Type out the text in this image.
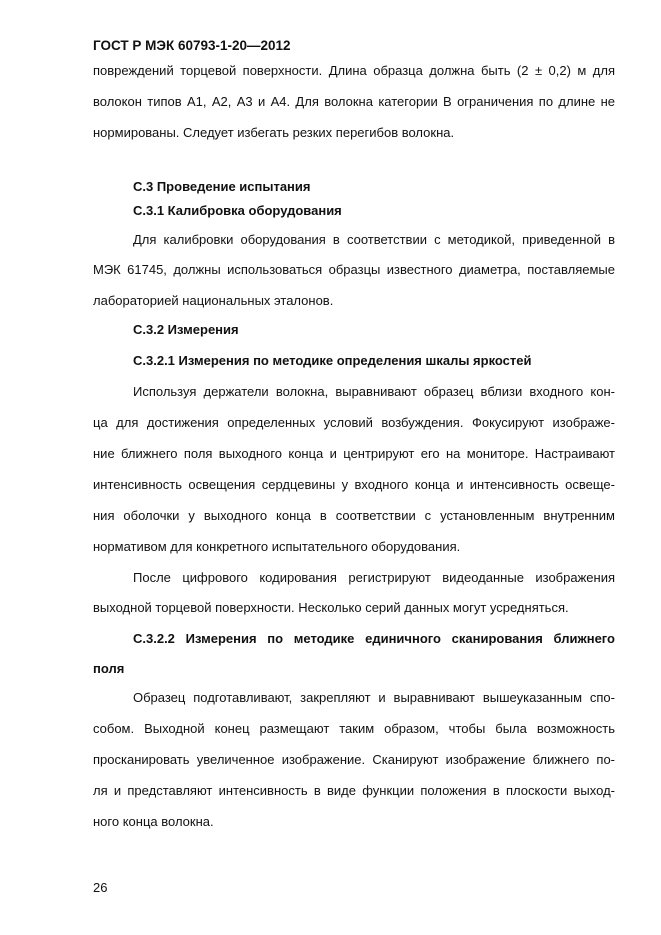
ГОСТ Р МЭК 60793-1-20—2012
повреждений торцевой поверхности. Длина образца должна быть (2 ± 0,2) м для
волокон типов А1, А2, А3 и А4. Для волокна категории В ограничения по длине не
нормированы. Следует избегать резких перегибов волокна.
С.3 Проведение испытания
С.3.1 Калибровка оборудования
Для калибровки оборудования в соответствии с методикой, приведенной в
МЭК 61745, должны использоваться образцы известного диаметра, поставляемые
лабораторией национальных эталонов.
С.3.2 Измерения
С.3.2.1 Измерения по методике определения шкалы яркостей
Используя держатели волокна, выравнивают образец вблизи входного кон-
ца для достижения определенных условий возбуждения. Фокусируют изображе-
ние ближнего поля выходного конца и центрируют его на мониторе. Настраивают
интенсивность освещения сердцевины у входного конца и интенсивность освеще-
ния оболочки у выходного конца в соответствии с установленным внутренним
нормативом для конкретного испытательного оборудования.
После цифрового кодирования регистрируют видеоданные изображения
выходной торцевой поверхности. Несколько серий данных могут усредняться.
С.3.2.2 Измерения по методике единичного сканирования ближнего
поля
Образец подготавливают, закрепляют и выравнивают вышеуказанным спо-
собом. Выходной конец размещают таким образом, чтобы была возможность
просканировать увеличенное изображение. Сканируют изображение ближнего по-
ля и представляют интенсивность в виде функции положения в плоскости выход-
ного конца волокна.
26
